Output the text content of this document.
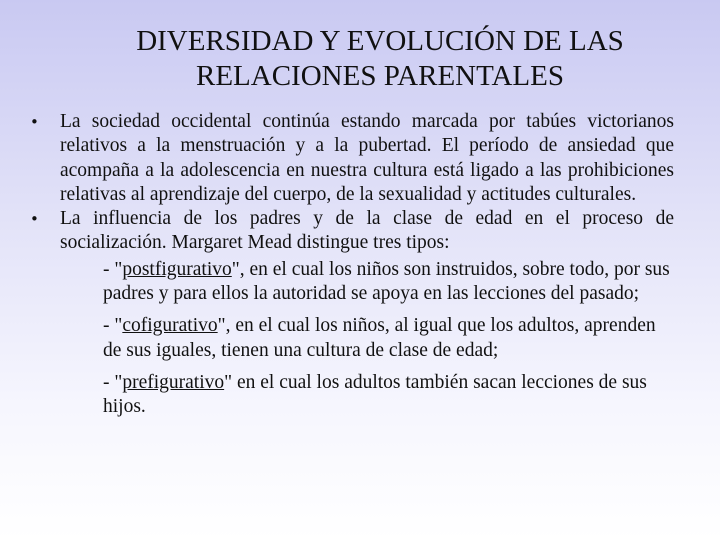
DIVERSIDAD Y EVOLUCIÓN DE LAS
RELACIONES PARENTALES
•	La sociedad occidental continúa estando marcada por tabúes victorianos relativos a la menstruación y a la pubertad. El período de ansiedad que acompaña a la adolescencia en nuestra cultura está ligado a las prohibiciones relativas al aprendizaje del cuerpo, de la sexualidad y actitudes culturales.
•	La influencia de los padres y de la clase de edad en el proceso de socialización. Margaret Mead distingue tres tipos:

- "postfigurativo", en el cual los niños son instruidos, sobre todo, por sus padres y para ellos la autoridad se apoya en las lecciones del pasado;

- "cofigurativo", en el cual los niños, al igual que los adultos, aprenden de sus iguales, tienen una cultura de clase de edad;

- "prefigurativo" en el cual los adultos también sacan lecciones de sus hijos.
